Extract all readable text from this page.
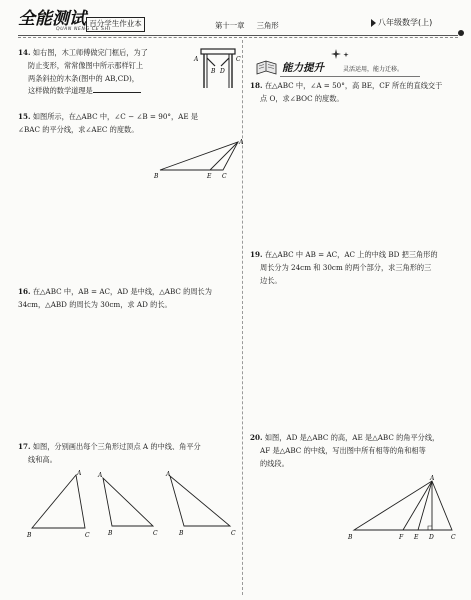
全能测试
QUAN NENG CE SHI
百分学生作业本	第十一章 三角形	八年级数学(上)
14. 如右图，木工师傅做完门框后，为了
防止变形，常常像图中所示那样钉上
两条斜拉的木条(图中的 AB,CD)，
这样做的数学道理是
A
B
C
D
15. 如图所示，在△ABC 中，∠C − ∠B = 90°，AE 是
∠BAC 的平分线，求∠AEC 的度数。
B	E C
A
16. 在△ABC 中，AB = AC，AD 是中线，△ABC 的周长为
34cm，△ABD 的周长为 30cm，求 AD 的长。
17. 如图，分别画出每个三角形过顶点 A 的中线、角平分
线和高。
B	C
A	A
B	C
A
B	C
能力提升	灵活运用，能力迁移。
18. 在△ABC 中，∠A = 50°，高 BE，CF 所在的直线交于
点 O，求∠BOC 的度数。
19. 在△ABC 中 AB = AC，AC 上的中线 BD 把三角形的
周长分为 24cm 和 30cm 的两个部分，求三角形的三
边长。
20. 如图，AD 是△ABC 的高，AE 是△ABC 的角平分线，
AF 是△ABC 的中线，写出图中所有相等的角和相等
的线段。
B	F E D	C
A
